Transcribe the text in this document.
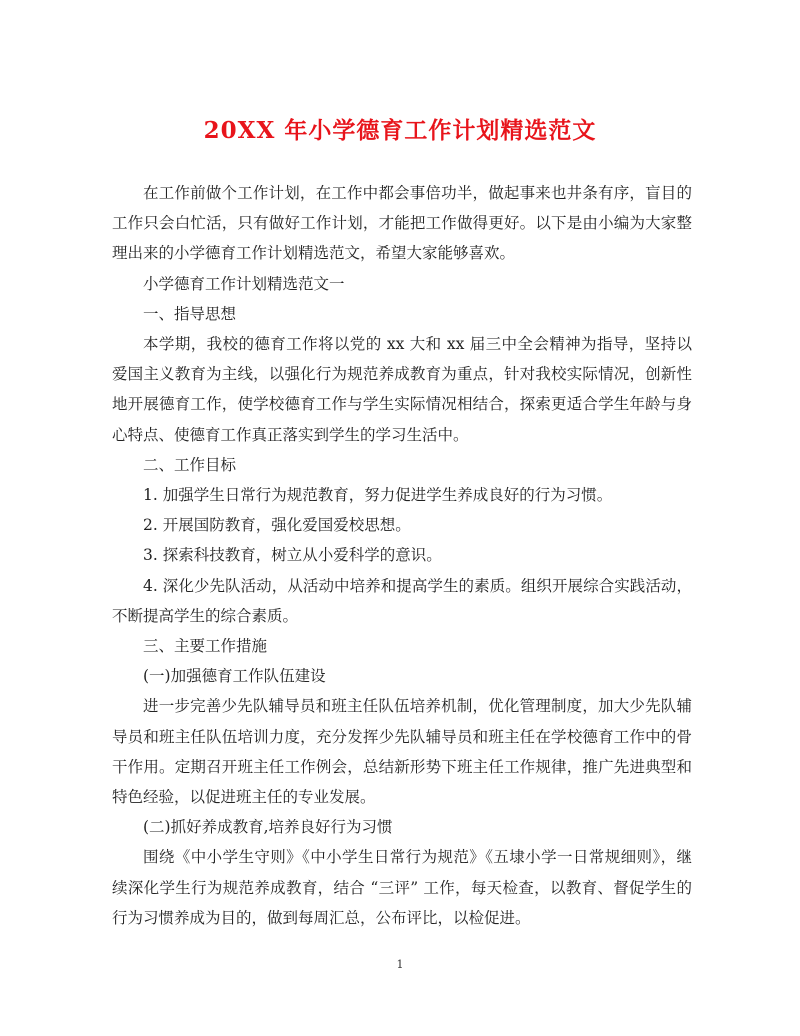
20XX 年小学德育工作计划精选范文

在工作前做个工作计划，在工作中都会事倍功半，做起事来也井条有序，盲目的工作只会白忙活，只有做好工作计划，才能把工作做得更好。以下是由小编为大家整理出来的小学德育工作计划精选范文，希望大家能够喜欢。

小学德育工作计划精选范文一

一、指导思想

本学期，我校的德育工作将以党的 xx 大和 xx 届三中全会精神为指导，坚持以爱国主义教育为主线，以强化行为规范养成教育为重点，针对我校实际情况，创新性地开展德育工作，使学校德育工作与学生实际情况相结合，探索更适合学生年龄与身心特点、使德育工作真正落实到学生的学习生活中。

二、工作目标

1. 加强学生日常行为规范教育，努力促进学生养成良好的行为习惯。

2. 开展国防教育，强化爱国爱校思想。

3. 探索科技教育，树立从小爱科学的意识。

4. 深化少先队活动，从活动中培养和提高学生的素质。组织开展综合实践活动，不断提高学生的综合素质。

三、主要工作措施

(一)加强德育工作队伍建设

进一步完善少先队辅导员和班主任队伍培养机制，优化管理制度，加大少先队辅导员和班主任队伍培训力度，充分发挥少先队辅导员和班主任在学校德育工作中的骨干作用。定期召开班主任工作例会，总结新形势下班主任工作规律，推广先进典型和特色经验，以促进班主任的专业发展。

(二)抓好养成教育,培养良好行为习惯

围绕《中小学生守则》《中小学生日常行为规范》《五埭小学一日常规细则》，继续深化学生行为规范养成教育，结合 “三评” 工作，每天检查，以教育、督促学生的行为习惯养成为目的，做到每周汇总，公布评比，以检促进。

1
